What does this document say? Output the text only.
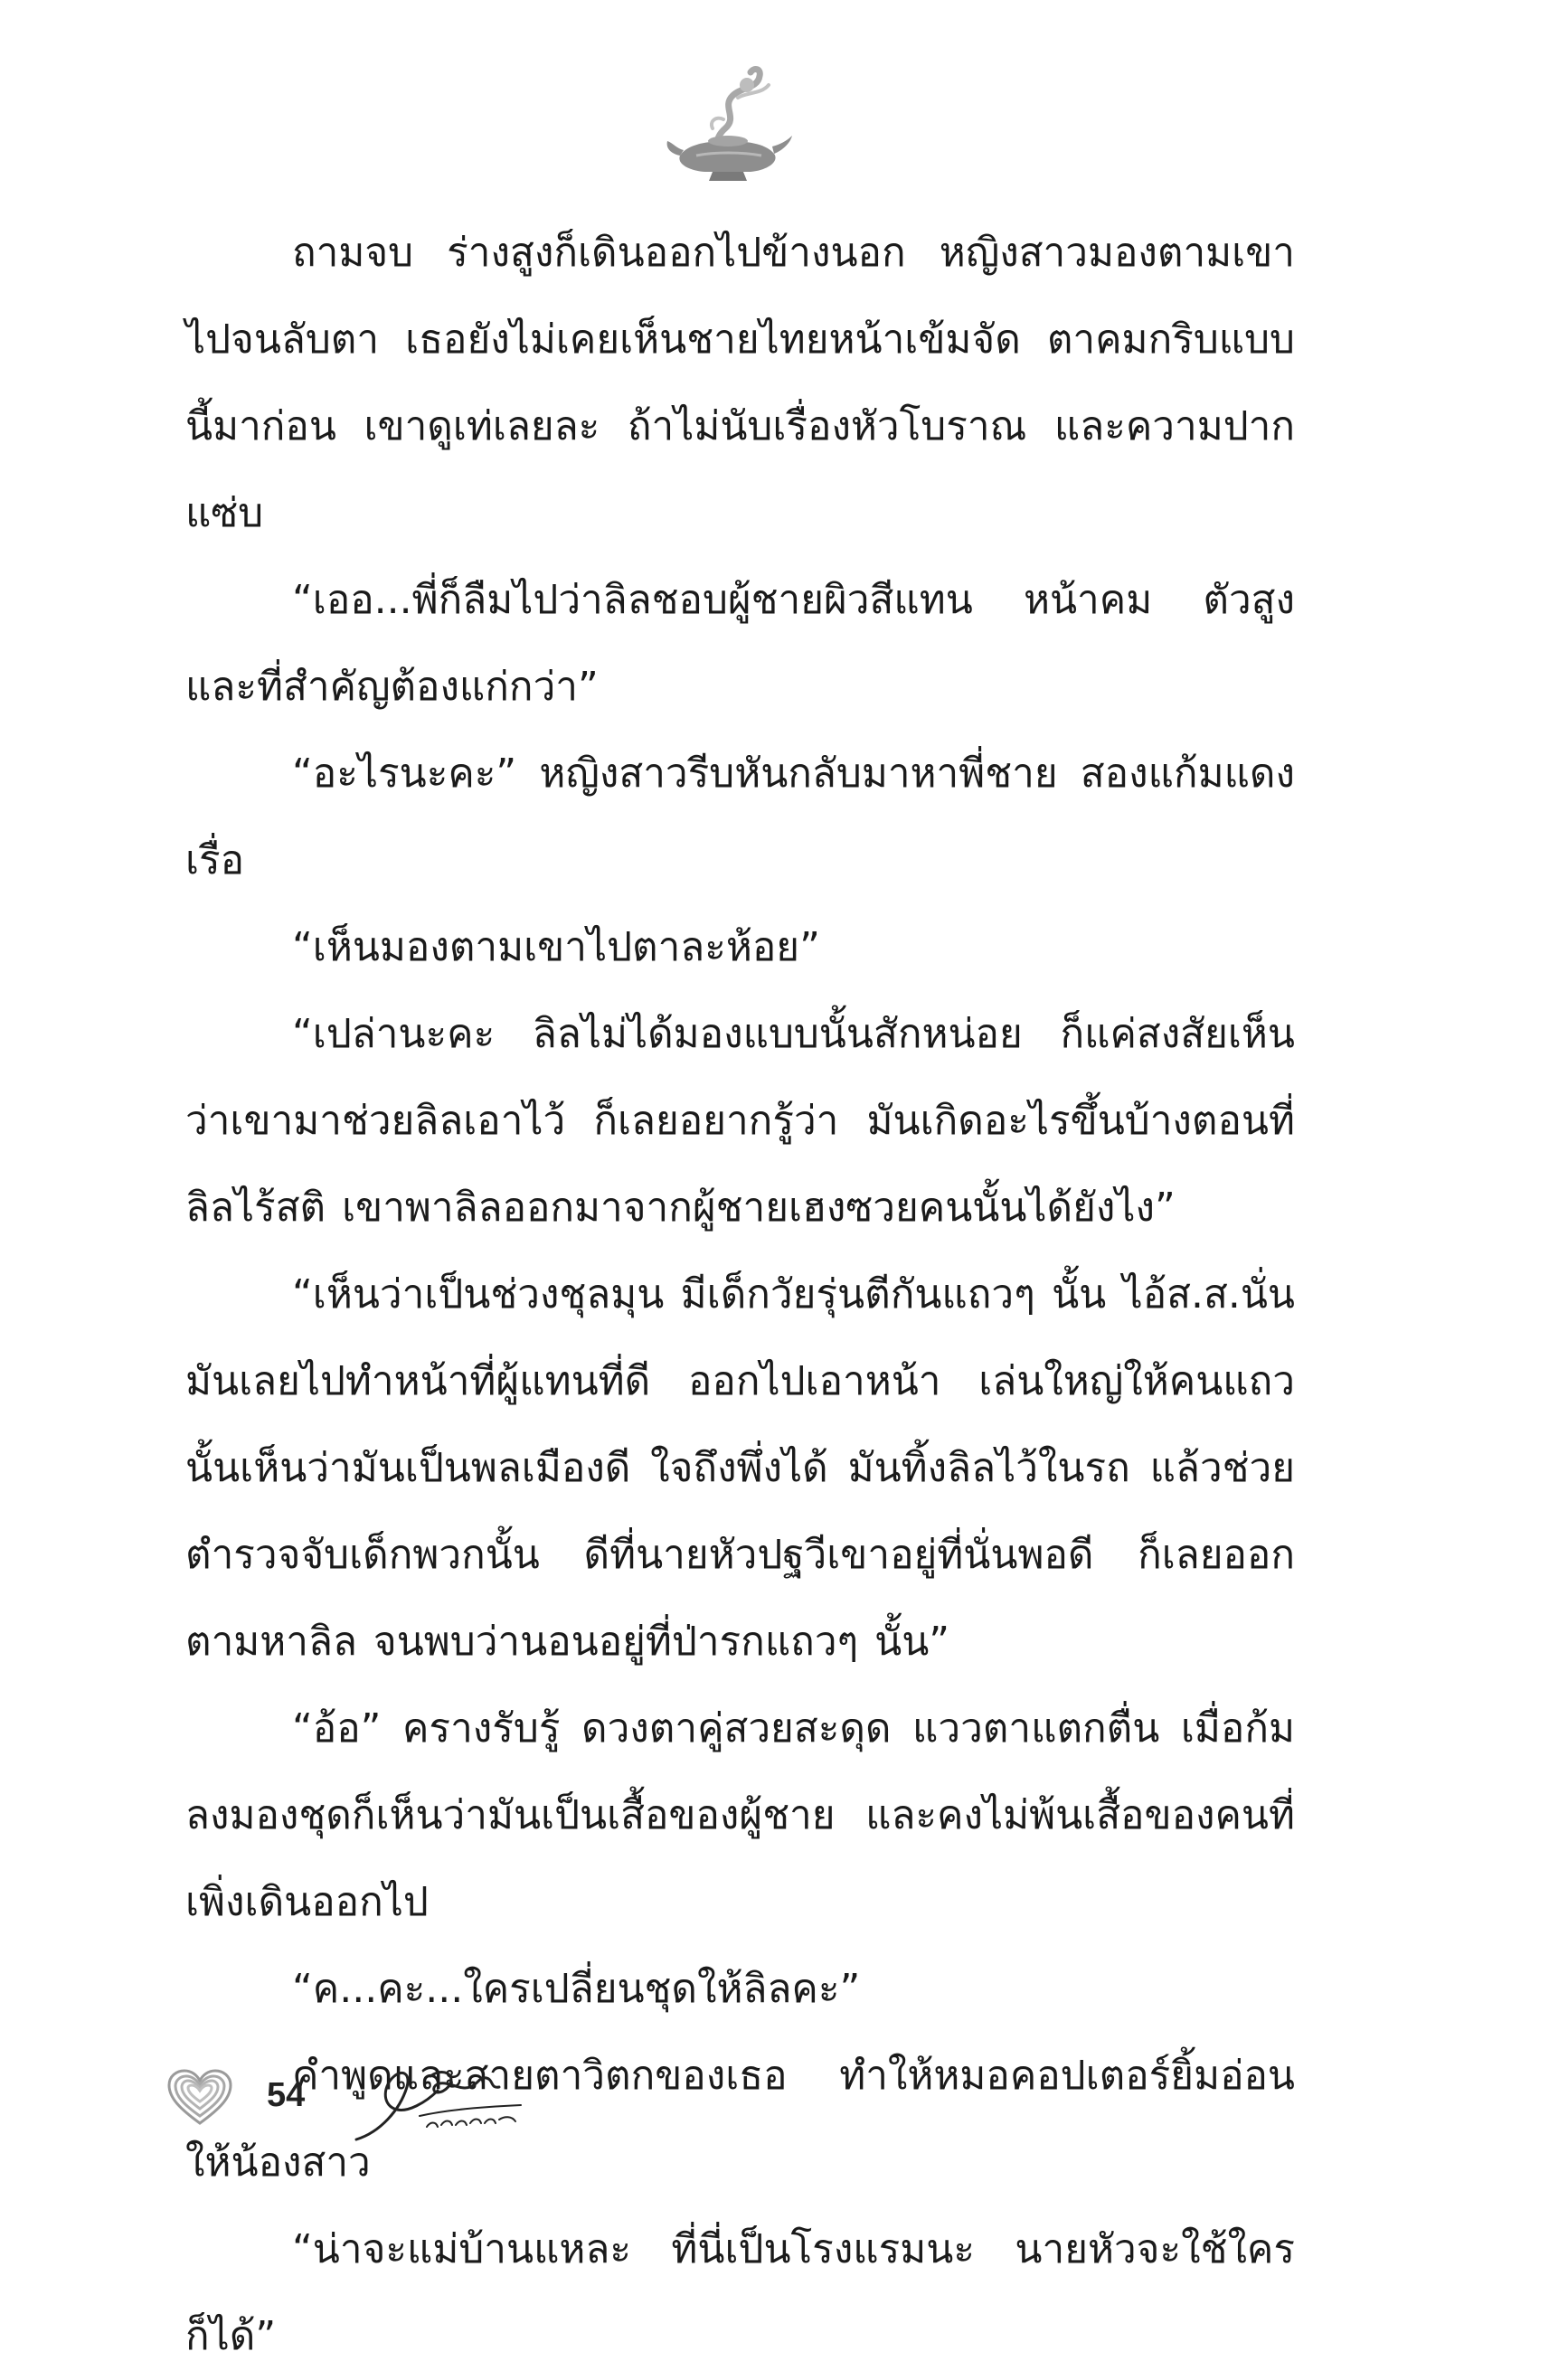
ถามจบ ร่างสูงก็เดินออกไปข้างนอก หญิงสาวมองตามเขาไปจนลับตา เธอยังไม่เคยเห็นชายไทยหน้าเข้มจัด ตาคมกริบแบบนี้มาก่อน เขาดูเท่เลยละ ถ้าไม่นับเรื่องหัวโบราณ และความปากแซ่บ

“เออ...พี่ก็ลืมไปว่าลิลชอบผู้ชายผิวสีแทน หน้าคม ตัวสูงและที่สำคัญต้องแก่กว่า”

“อะไรนะคะ” หญิงสาวรีบหันกลับมาหาพี่ชาย สองแก้มแดงเรื่อ

“เห็นมองตามเขาไปตาละห้อย”

“เปล่านะคะ ลิลไม่ได้มองแบบนั้นสักหน่อย ก็แค่สงสัยเห็นว่าเขามาช่วยลิลเอาไว้ ก็เลยอยากรู้ว่า มันเกิดอะไรขึ้นบ้างตอนที่ลิลไร้สติ เขาพาลิลออกมาจากผู้ชายเฮงซวยคนนั้นได้ยังไง”

“เห็นว่าเป็นช่วงชุลมุน มีเด็กวัยรุ่นตีกันแถวๆ นั้น ไอ้ส.ส.นั่นมันเลยไปทำหน้าที่ผู้แทนที่ดี ออกไปเอาหน้า เล่นใหญ่ให้คนแถวนั้นเห็นว่ามันเป็นพลเมืองดี ใจถึงพึ่งได้ มันทิ้งลิลไว้ในรถ แล้วช่วยตำรวจจับเด็กพวกนั้น ดีที่นายหัวปฐวีเขาอยู่ที่นั่นพอดี ก็เลยออกตามหาลิล จนพบว่านอนอยู่ที่ป่ารกแถวๆ นั้น”

“อ้อ” ครางรับรู้ ดวงตาคู่สวยสะดุด แววตาแตกตื่น เมื่อก้มลงมองชุดก็เห็นว่ามันเป็นเสื้อของผู้ชาย และคงไม่พ้นเสื้อของคนที่เพิ่งเดินออกไป

“ค...คะ...ใครเปลี่ยนชุดให้ลิลคะ”

คำพูดและสายตาวิตกของเธอ ทำให้หมอคอปเตอร์ยิ้มอ่อนให้น้องสาว

“น่าจะแม่บ้านแหละ ที่นี่เป็นโรงแรมนะ นายหัวจะใช้ใครก็ได้”

54
